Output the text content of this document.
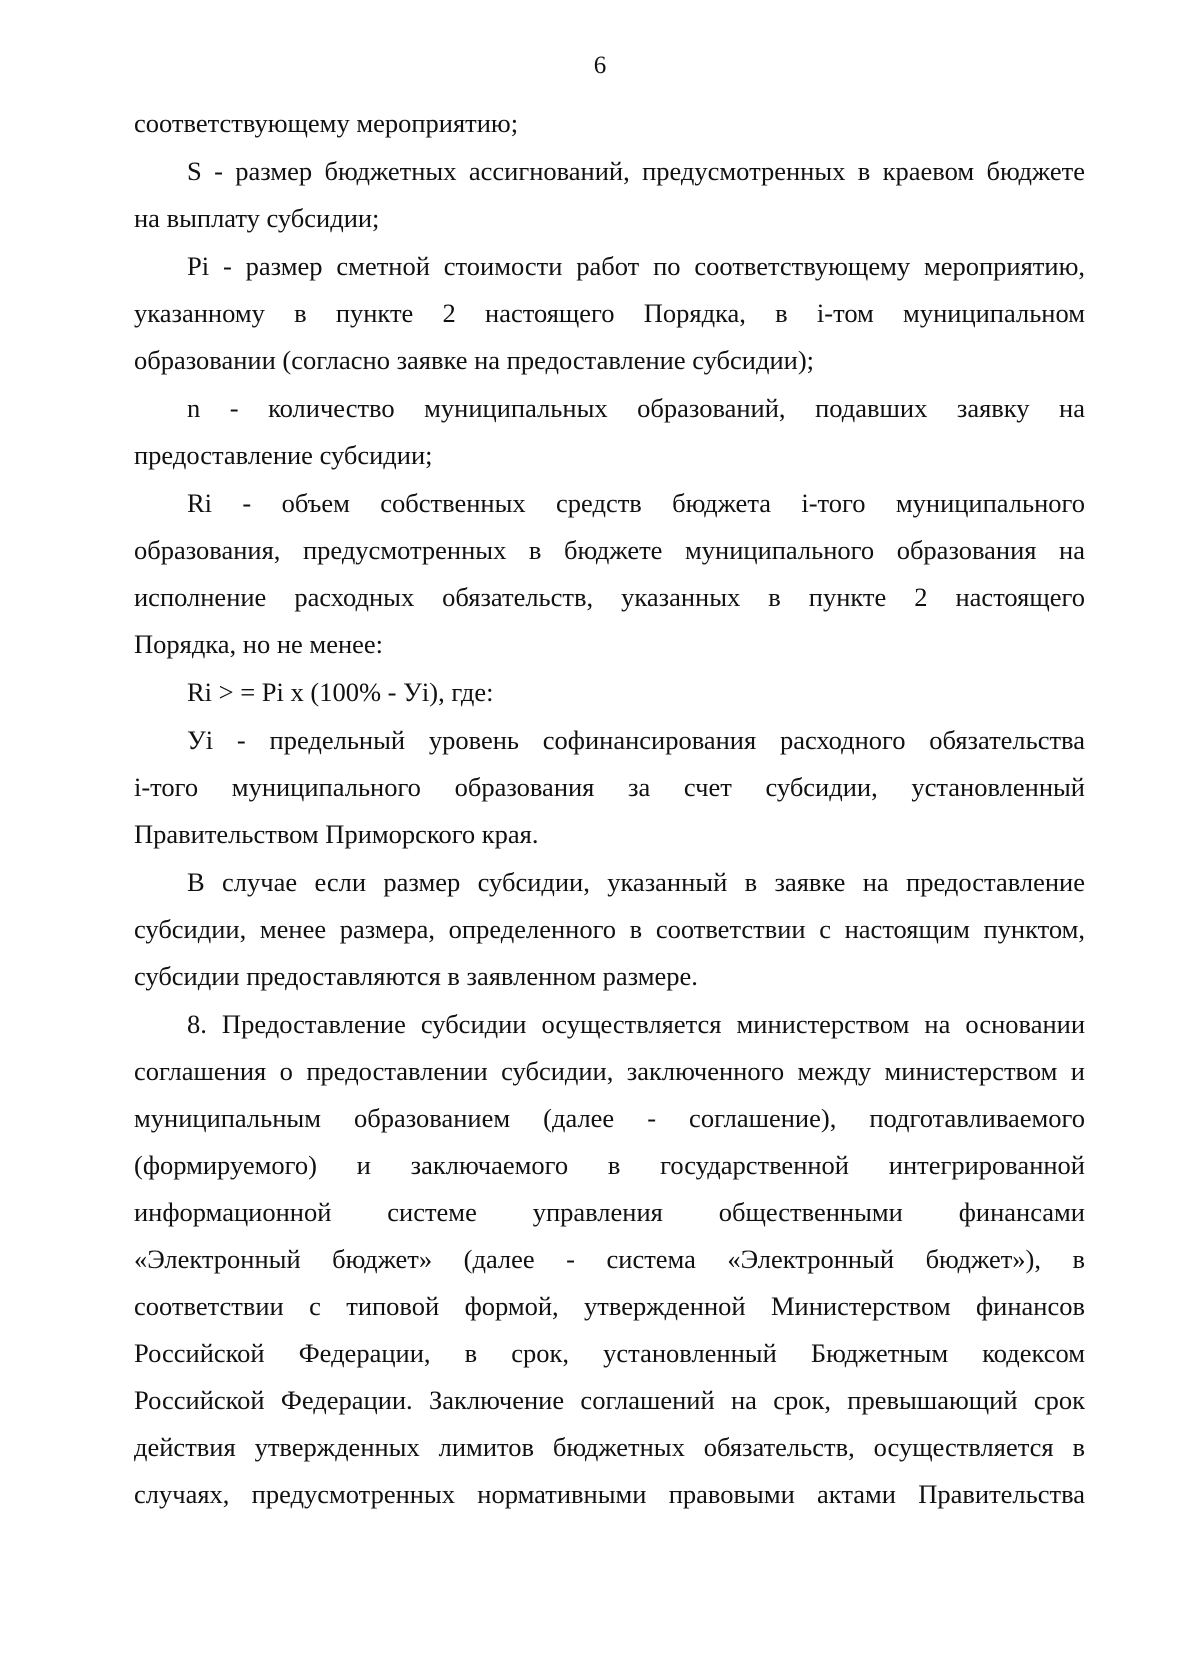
6
соответствующему мероприятию;
S - размер бюджетных ассигнований, предусмотренных в краевом бюджете
на выплату субсидии;
Pi - размер сметной стоимости работ по соответствующему мероприятию,
указанному в пункте 2 настоящего Порядка, в i-том муниципальном
образовании (согласно заявке на предоставление субсидии);
n - количество муниципальных образований, подавших заявку на
предоставление субсидии;
Ri - объем собственных средств бюджета i-того муниципального
образования, предусмотренных в бюджете муниципального образования на
исполнение расходных обязательств, указанных в пункте 2 настоящего
Порядка, но не менее:
Ri > = Pi x (100% - Уi), где:
Уi - предельный уровень софинансирования расходного обязательства
i-того муниципального образования за счет субсидии, установленный
Правительством Приморского края.
В случае если размер субсидии, указанный в заявке на предоставление
субсидии, менее размера, определенного в соответствии с настоящим пунктом,
субсидии предоставляются в заявленном размере.
8. Предоставление субсидии осуществляется министерством на основании
соглашения о предоставлении субсидии, заключенного между министерством и
муниципальным образованием (далее - соглашение), подготавливаемого
(формируемого) и заключаемого в государственной интегрированной
информационной системе управления общественными финансами
«Электронный бюджет» (далее - система «Электронный бюджет»), в
соответствии с типовой формой, утвержденной Министерством финансов
Российской Федерации, в срок, установленный Бюджетным кодексом
Российской Федерации. Заключение соглашений на срок, превышающий срок
действия утвержденных лимитов бюджетных обязательств, осуществляется в
случаях, предусмотренных нормативными правовыми актами Правительства
